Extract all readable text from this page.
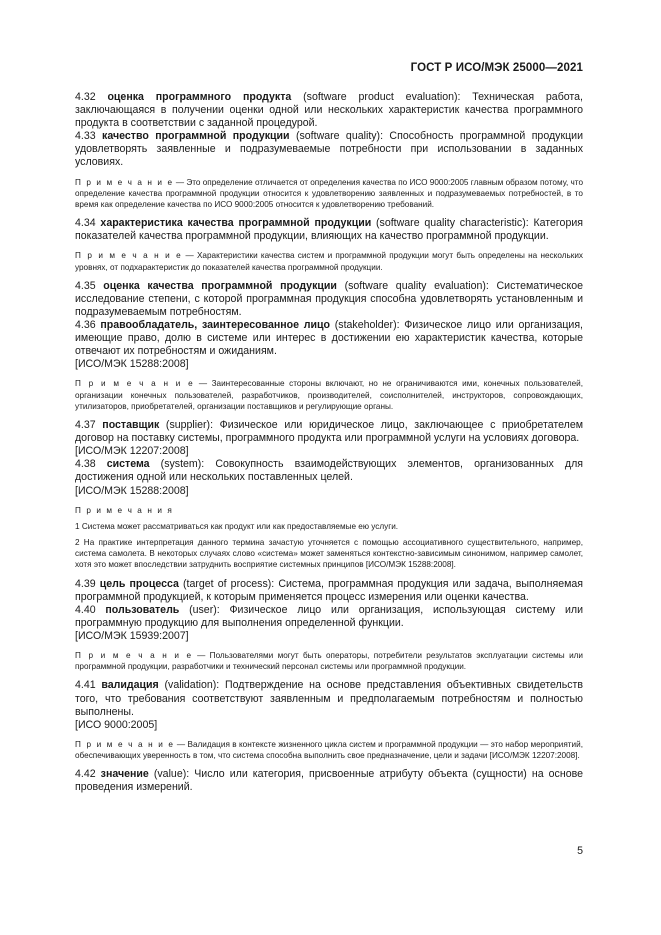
ГОСТ Р ИСО/МЭК 25000—2021

4.32 оценка программного продукта (software product evaluation): Техническая работа, заключающаяся в получении оценки одной или нескольких характеристик качества программного продукта в соответствии с заданной процедурой.

4.33 качество программной продукции (software quality): Способность программной продукции удовлетворять заявленные и подразумеваемые потребности при использовании в заданных условиях.

П р и м е ч а н и е — Это определение отличается от определения качества по ИСО 9000:2005 главным образом потому, что определение качества программной продукции относится к удовлетворению заявленных и подразумеваемых потребностей, в то время как определение качества по ИСО 9000:2005 относится к удовлетворению требований.

4.34 характеристика качества программной продукции (software quality characteristic): Категория показателей качества программной продукции, влияющих на качество программной продукции.

П р и м е ч а н и е — Характеристики качества систем и программной продукции могут быть определены на нескольких уровнях, от подхарактеристик до показателей качества программной продукции.

4.35 оценка качества программной продукции (software quality evaluation): Систематическое исследование степени, с которой программная продукция способна удовлетворять установленным и подразумеваемым потребностям.

4.36 правообладатель, заинтересованное лицо (stakeholder): Физическое лицо или организация, имеющие право, долю в системе или интерес в достижении ею характеристик качества, которые отвечают их потребностям и ожиданиям.

[ИСО/МЭК 15288:2008]

П р и м е ч а н и е — Заинтересованные стороны включают, но не ограничиваются ими, конечных пользователей, организации конечных пользователей, разработчиков, производителей, соисполнителей, инструкторов, сопровождающих, утилизаторов, приобретателей, организации поставщиков и регулирующие органы.

4.37 поставщик (supplier): Физическое или юридическое лицо, заключающее с приобретателем договор на поставку системы, программного продукта или программной услуги на условиях договора.

[ИСО/МЭК 12207:2008]

4.38 система (system): Совокупность взаимодействующих элементов, организованных для достижения одной или нескольких поставленных целей.

[ИСО/МЭК 15288:2008]

П р и м е ч а н и я

1 Система может рассматриваться как продукт или как предоставляемые ею услуги.

2 На практике интерпретация данного термина зачастую уточняется с помощью ассоциативного существительного, например, система самолета. В некоторых случаях слово «система» может заменяться контекстно-зависимым синонимом, например самолет, хотя это может впоследствии затруднить восприятие системных принципов [ИСО/МЭК 15288:2008].

4.39 цель процесса (target of process): Система, программная продукция или задача, выполняемая программной продукцией, к которым применяется процесс измерения или оценки качества.

4.40 пользователь (user): Физическое лицо или организация, использующая систему или программную продукцию для выполнения определенной функции.

[ИСО/МЭК 15939:2007]

П р и м е ч а н и е — Пользователями могут быть операторы, потребители результатов эксплуатации системы или программной продукции, разработчики и технический персонал системы или программной продукции.

4.41 валидация (validation): Подтверждение на основе представления объективных свидетельств того, что требования соответствуют заявленным и предполагаемым потребностям и полностью выполнены.

[ИСО 9000:2005]

П р и м е ч а н и е — Валидация в контексте жизненного цикла систем и программной продукции — это набор мероприятий, обеспечивающих уверенность в том, что система способна выполнить свое предназначение, цели и задачи [ИСО/МЭК 12207:2008].

4.42 значение (value): Число или категория, присвоенные атрибуту объекта (сущности) на основе проведения измерений.

5
